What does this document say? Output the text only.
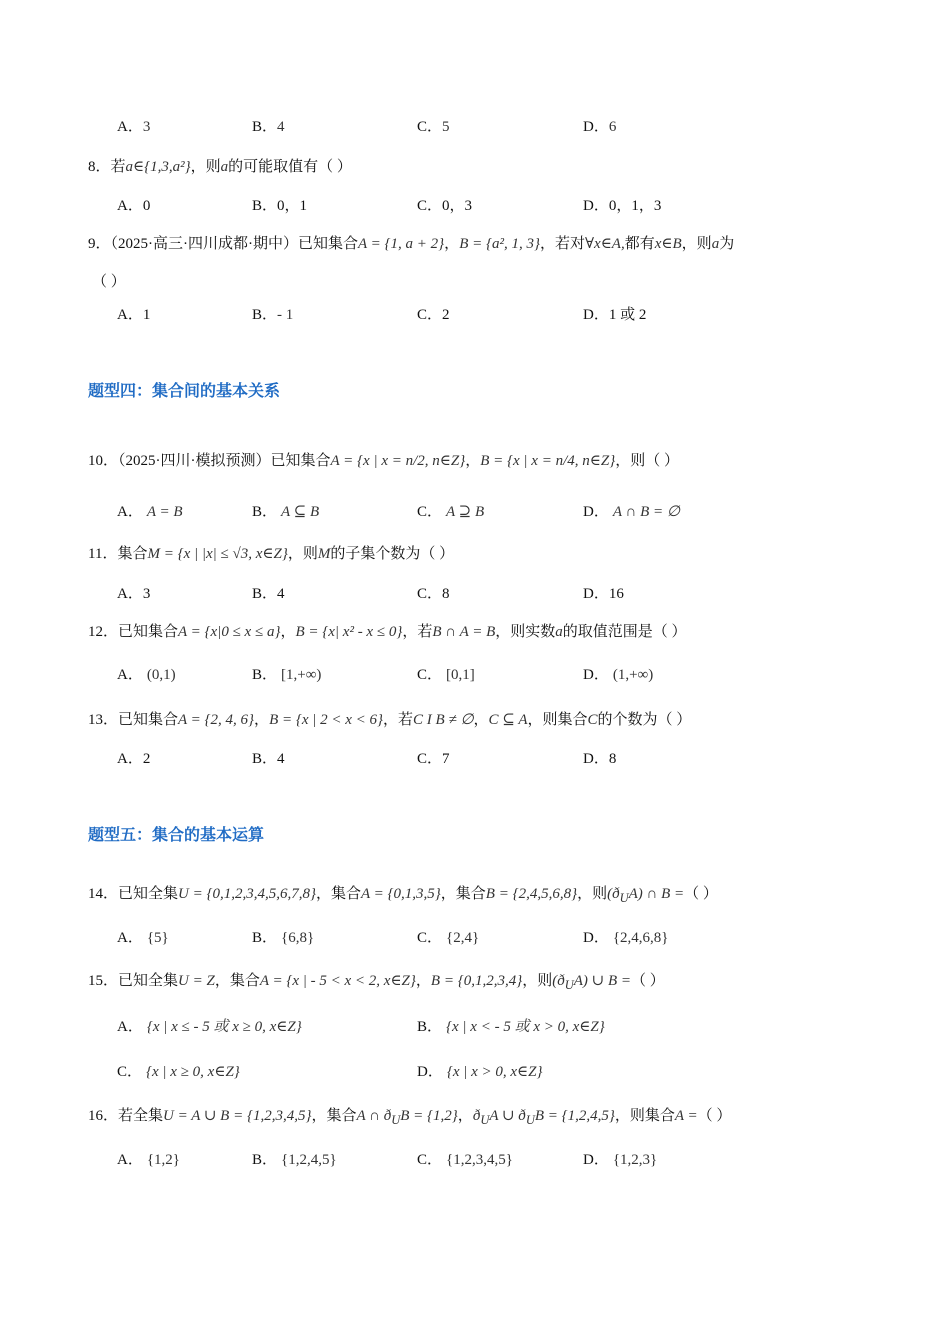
A．3	B．4	C．5	D．6
8．若a∈{1,3,a²}，则a的可能取值有（ ）
A．0	B．0，1	C．0，3	D．0，1，3
9．（2025·高三·四川成都·期中）已知集合A = {1, a + 2}，B = {a², 1, 3}，若对∀x∈A,都有x∈B，则a为
（ ）
A．1	B．- 1	C．2	D．1 或 2
题型四：集合间的基本关系
10．（2025·四川·模拟预测）已知集合A = {x | x = n/2, n∈Z}，B = {x | x = n/4, n∈Z}，则（ ）
A． A = B	B． A ⊆ B	C． A ⊇ B	D． A ∩ B = ∅
11．集合M = {x | |x| ≤ √3, x∈Z}，则M的子集个数为（ ）
A．3	B．4	C．8	D．16
12．已知集合A = {x|0 ≤ x ≤ a}，B = {x| x² - x ≤ 0}，若B ∩ A = B，则实数a的取值范围是（ ）
A． (0,1)	B． [1,+∞)	C． [0,1]	D． (1,+∞)
13．已知集合A = {2, 4, 6}，B = {x | 2 < x < 6}，若C I B ≠ ∅，C ⊆ A，则集合C的个数为（ ）
A．2	B．4	C．7	D．8
题型五：集合的基本运算
14．已知全集U = {0,1,2,3,4,5,6,7,8}，集合A = {0,1,3,5}，集合B = {2,4,5,6,8}，则$(ð_UA)$ ∩ B =（ ）
A． {5}	B． {6,8}	C． {2,4}	D． {2,4,6,8}
15．已知全集U = Z，集合A = {x | - 5 < x < 2, x∈Z}，B = {0,1,2,3,4}，则$(ð_UA)$ ∪ B =（ ）
A． {x | x ≤ - 5 或 x ≥ 0, x∈Z}	B． {x | x < - 5 或 x > 0, x∈Z}
C． {x | x ≥ 0, x∈Z}	D． {x | x > 0, x∈Z}
16．若全集U = A ∪ B = {1,2,3,4,5}，集合A ∩ $ð_UB = \{1,2\}$，$ð_UA$ ∪ $ð_UB = \{1,2,4,5\}$，则集合A =（ ）
A． {1,2}	B． {1,2,4,5}	C． {1,2,3,4,5}	D． {1,2,3}
